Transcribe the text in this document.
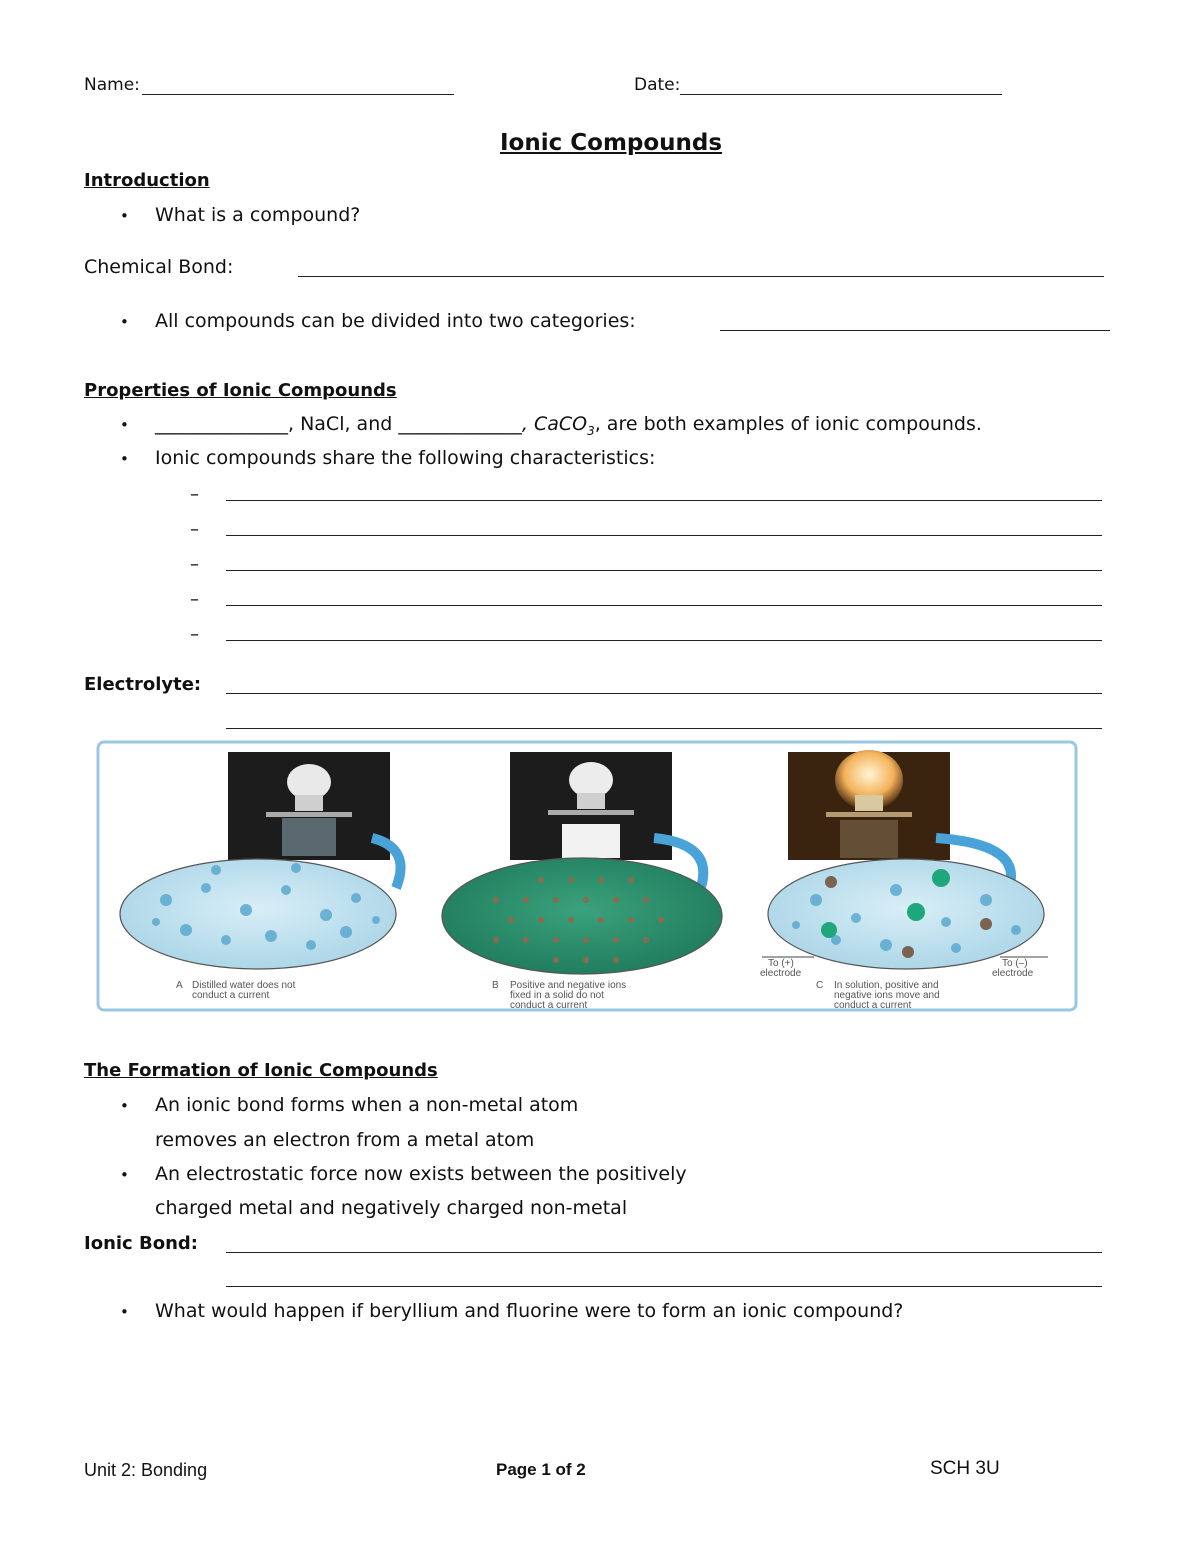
Name:	Date:
Ionic Compounds
Introduction
• What is a compound?
Chemical Bond:
• All compounds can be divided into two categories:
Properties of Ionic Compounds
• ______________, NaCl, and _____________, CaCO$_3$, are both examples of ionic compounds.
• Ionic compounds share the following characteristics:
–
–
–
–
–
Electrolyte:
To (+)
electrode
To (–)
electrode
A Distilled water does not
conduct a current
B Positive and negative ions
fixed in a solid do not
conduct a current
C In solution, positive and
negative ions move and
conduct a current
The Formation of Ionic Compounds
• An ionic bond forms when a non-metal atom
removes an electron from a metal atom
• An electrostatic force now exists between the positively
charged metal and negatively charged non-metal
Ionic Bond:
• What would happen if beryllium and fluorine were to form an ionic compound?
Unit 2: Bonding	Page 1 of 2	SCH 3U
